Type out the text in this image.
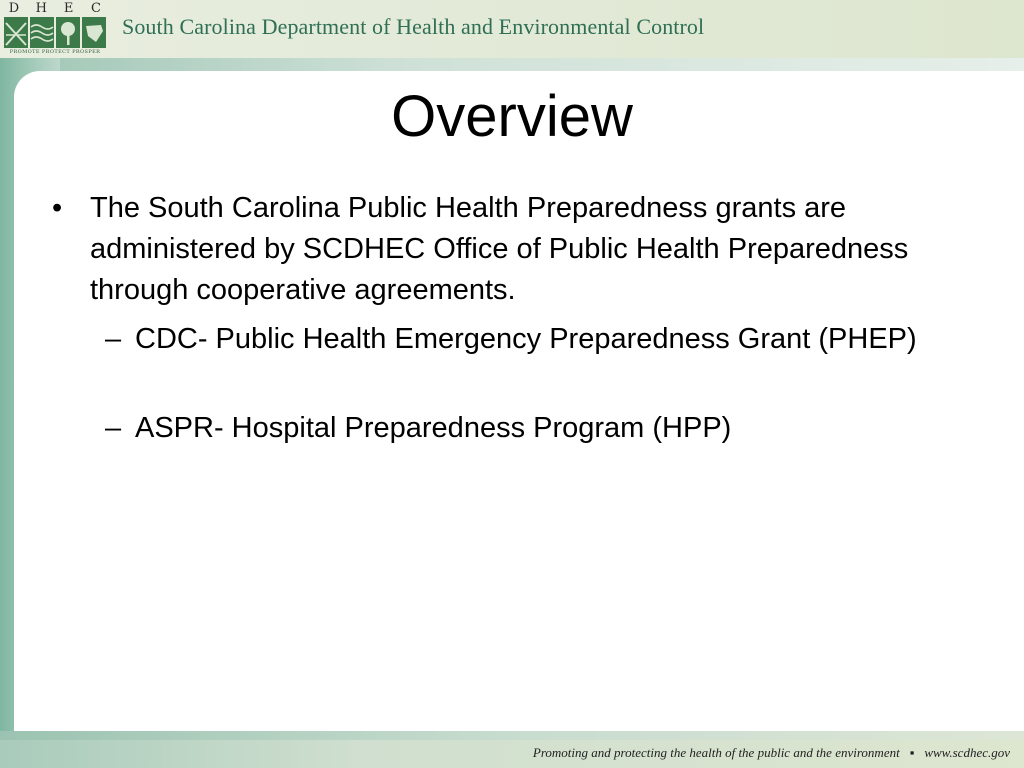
D H E C
PROMOTE PROTECT PROSPER
South Carolina Department of Health and Environmental Control
Overview
• The South Carolina Public Health Preparedness grants are administered by SCDHEC Office of Public Health Preparedness through cooperative agreements.
– CDC- Public Health Emergency Preparedness Grant (PHEP)
– ASPR- Hospital Preparedness Program (HPP)
Promoting and protecting the health of the public and the environment ▪ www.scdhec.gov
